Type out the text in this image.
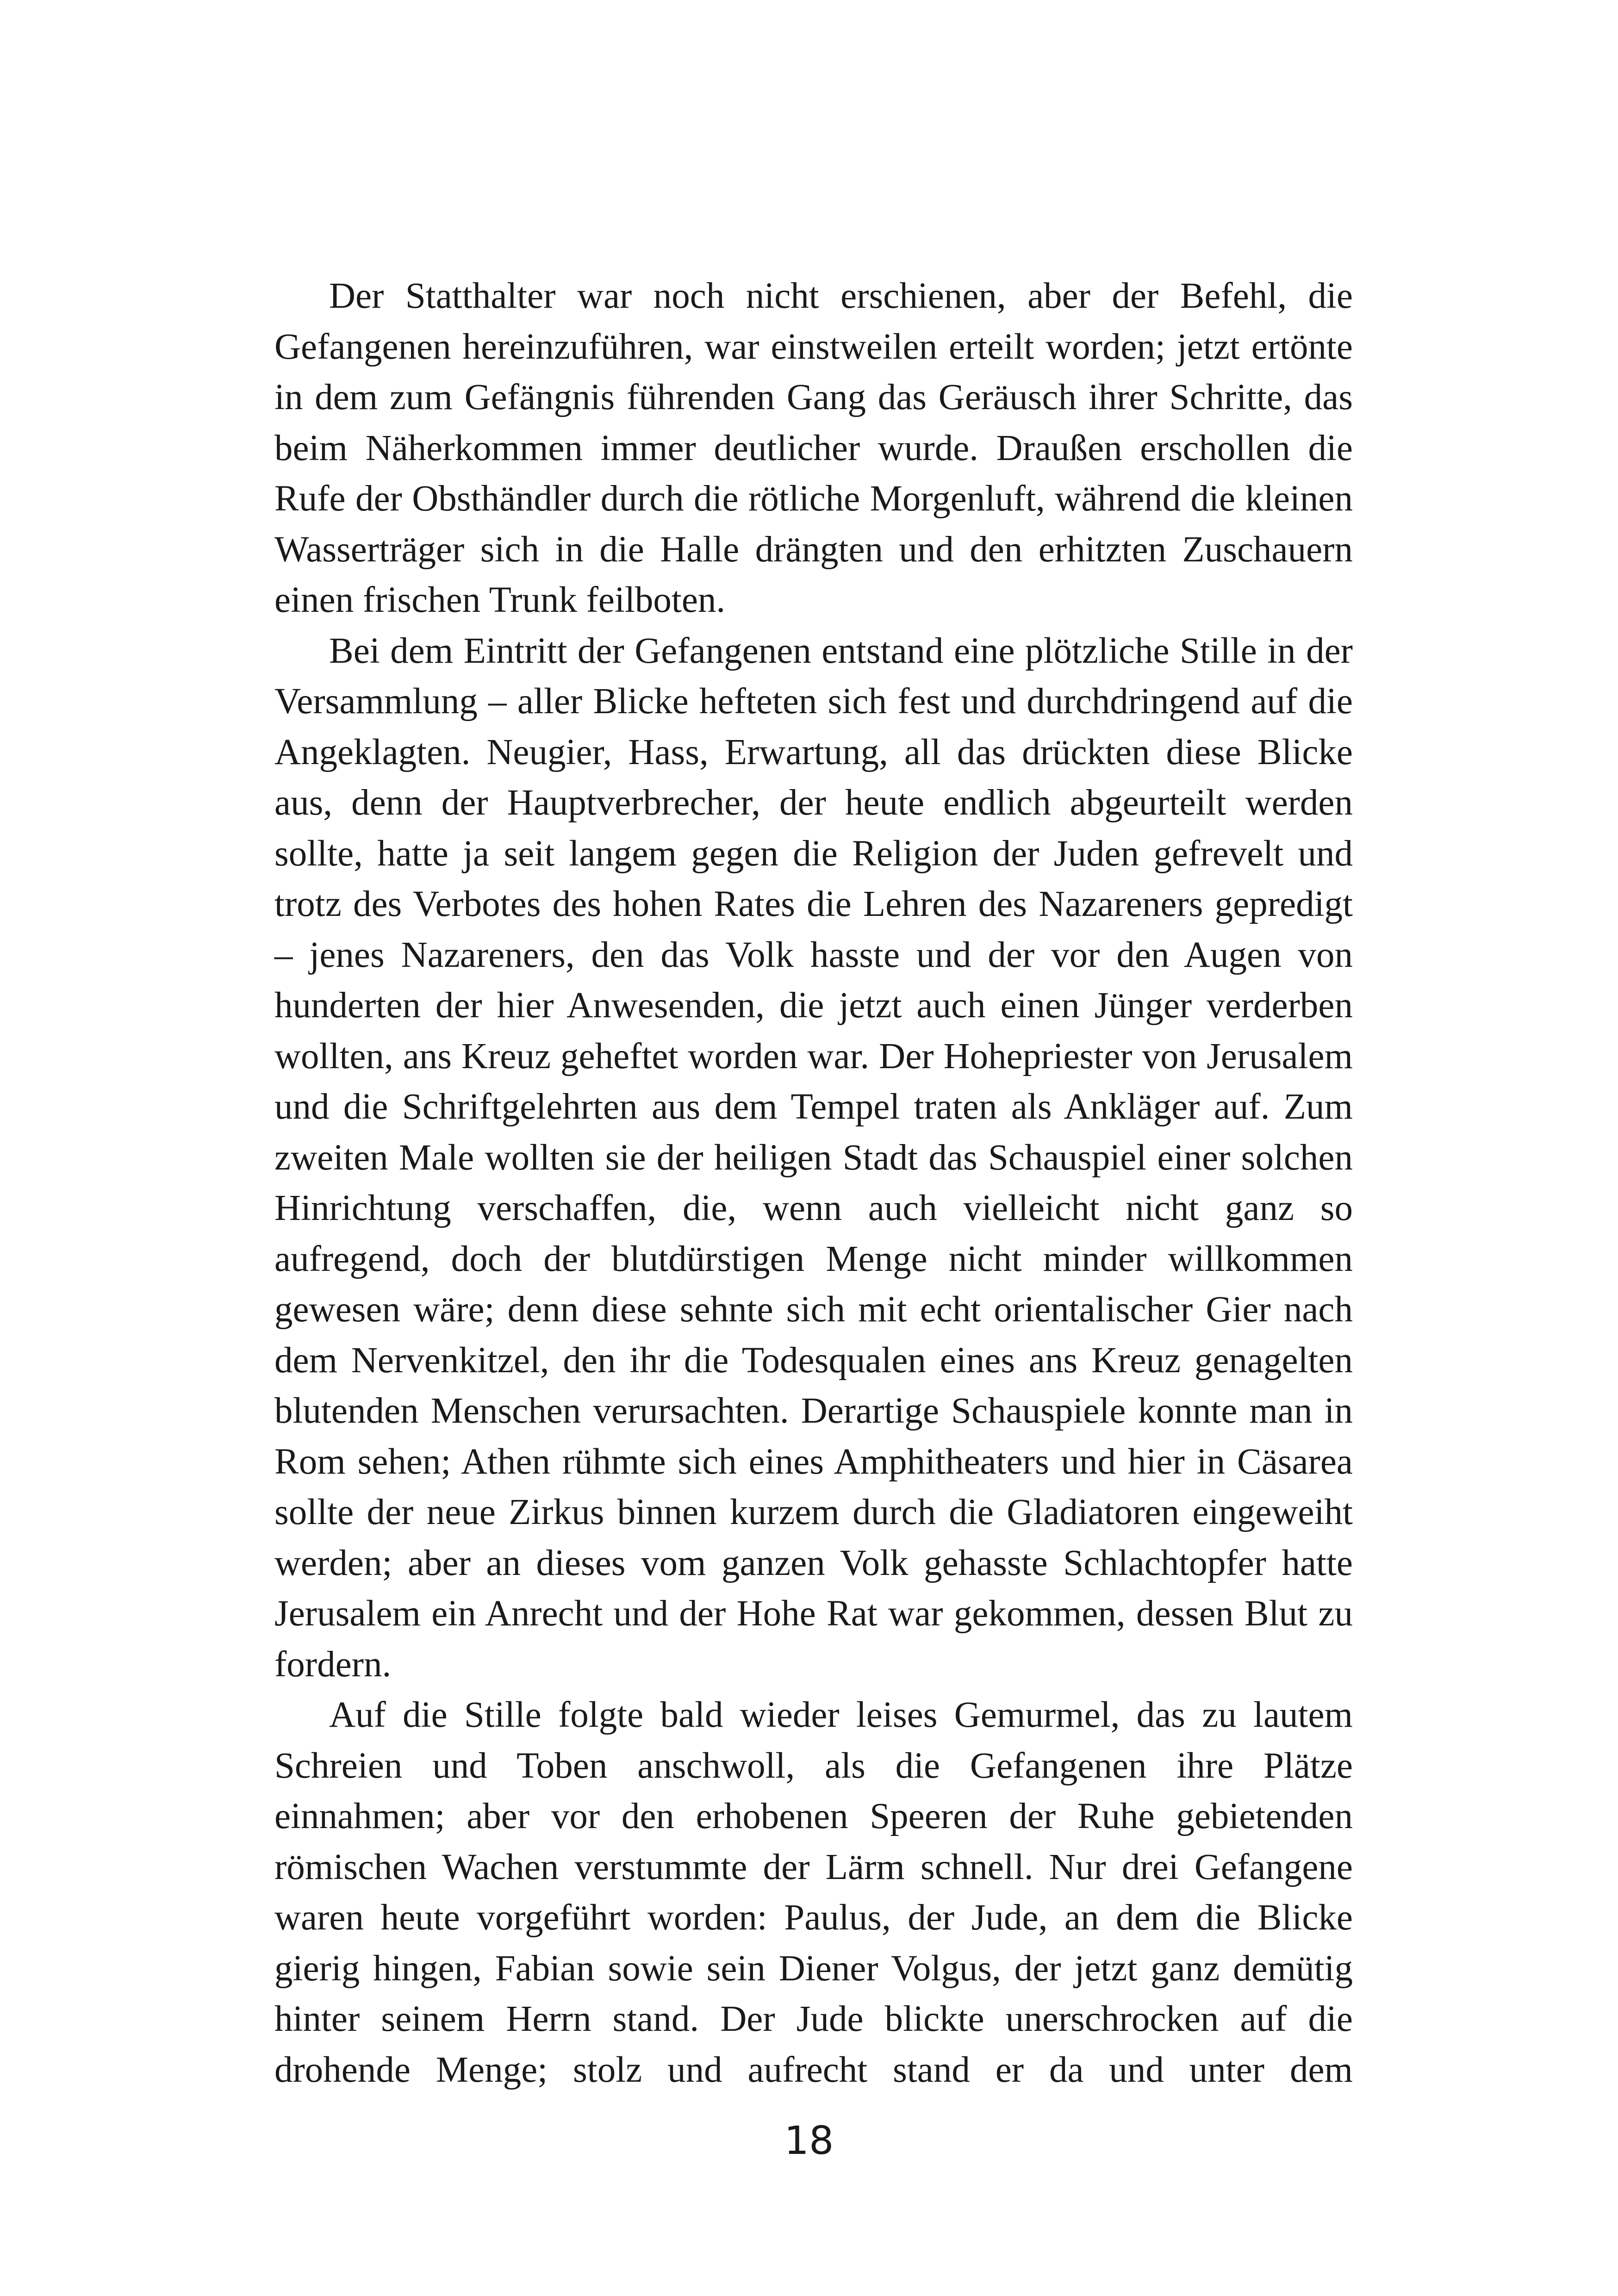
Der Statthalter war noch nicht erschienen, aber der Befehl, die Gefangenen hereinzuführen, war einstweilen erteilt worden; jetzt ertönte in dem zum Gefängnis führenden Gang das Geräusch ihrer Schritte, das beim Näherkommen immer deutlicher wurde. Draußen erschollen die Rufe der Obsthändler durch die rötliche Morgenluft, während die kleinen Wasserträger sich in die Halle drängten und den erhitzten Zuschauern einen frischen Trunk feilboten.

Bei dem Eintritt der Gefangenen entstand eine plötzliche Stille in der Versammlung – aller Blicke hefteten sich fest und durchdringend auf die Angeklagten. Neugier, Hass, Erwartung, all das drückten diese Blicke aus, denn der Hauptverbrecher, der heute endlich abgeurteilt werden sollte, hatte ja seit langem gegen die Religion der Juden gefrevelt und trotz des Verbotes des hohen Rates die Lehren des Nazareners gepredigt – jenes Nazareners, den das Volk hasste und der vor den Augen von hunderten der hier Anwesenden, die jetzt auch einen Jünger verderben wollten, ans Kreuz geheftet worden war. Der Hohepriester von Jerusalem und die Schriftgelehrten aus dem Tempel traten als Ankläger auf. Zum zweiten Male wollten sie der heiligen Stadt das Schauspiel einer solchen Hinrichtung verschaffen, die, wenn auch vielleicht nicht ganz so aufregend, doch der blutdürstigen Menge nicht minder willkommen gewesen wäre; denn diese sehnte sich mit echt orientalischer Gier nach dem Nervenkitzel, den ihr die Todesqualen eines ans Kreuz genagelten blutenden Menschen verursachten. Derartige Schauspiele konnte man in Rom sehen; Athen rühmte sich eines Amphitheaters und hier in Cäsarea sollte der neue Zirkus binnen kurzem durch die Gladiatoren eingeweiht werden; aber an dieses vom ganzen Volk gehasste Schlachtopfer hatte Jerusalem ein Anrecht und der Hohe Rat war gekommen, dessen Blut zu fordern.

Auf die Stille folgte bald wieder leises Gemurmel, das zu lautem Schreien und Toben anschwoll, als die Gefangenen ihre Plätze einnahmen; aber vor den erhobenen Speeren der Ruhe gebietenden römischen Wachen verstummte der Lärm schnell. Nur drei Gefangene waren heute vorgeführt worden: Paulus, der Jude, an dem die Blicke gierig hingen, Fabian sowie sein Diener Volgus, der jetzt ganz demütig hinter seinem Herrn stand. Der Jude blickte unerschrocken auf die drohende Menge; stolz und aufrecht stand er da und unter dem

18
